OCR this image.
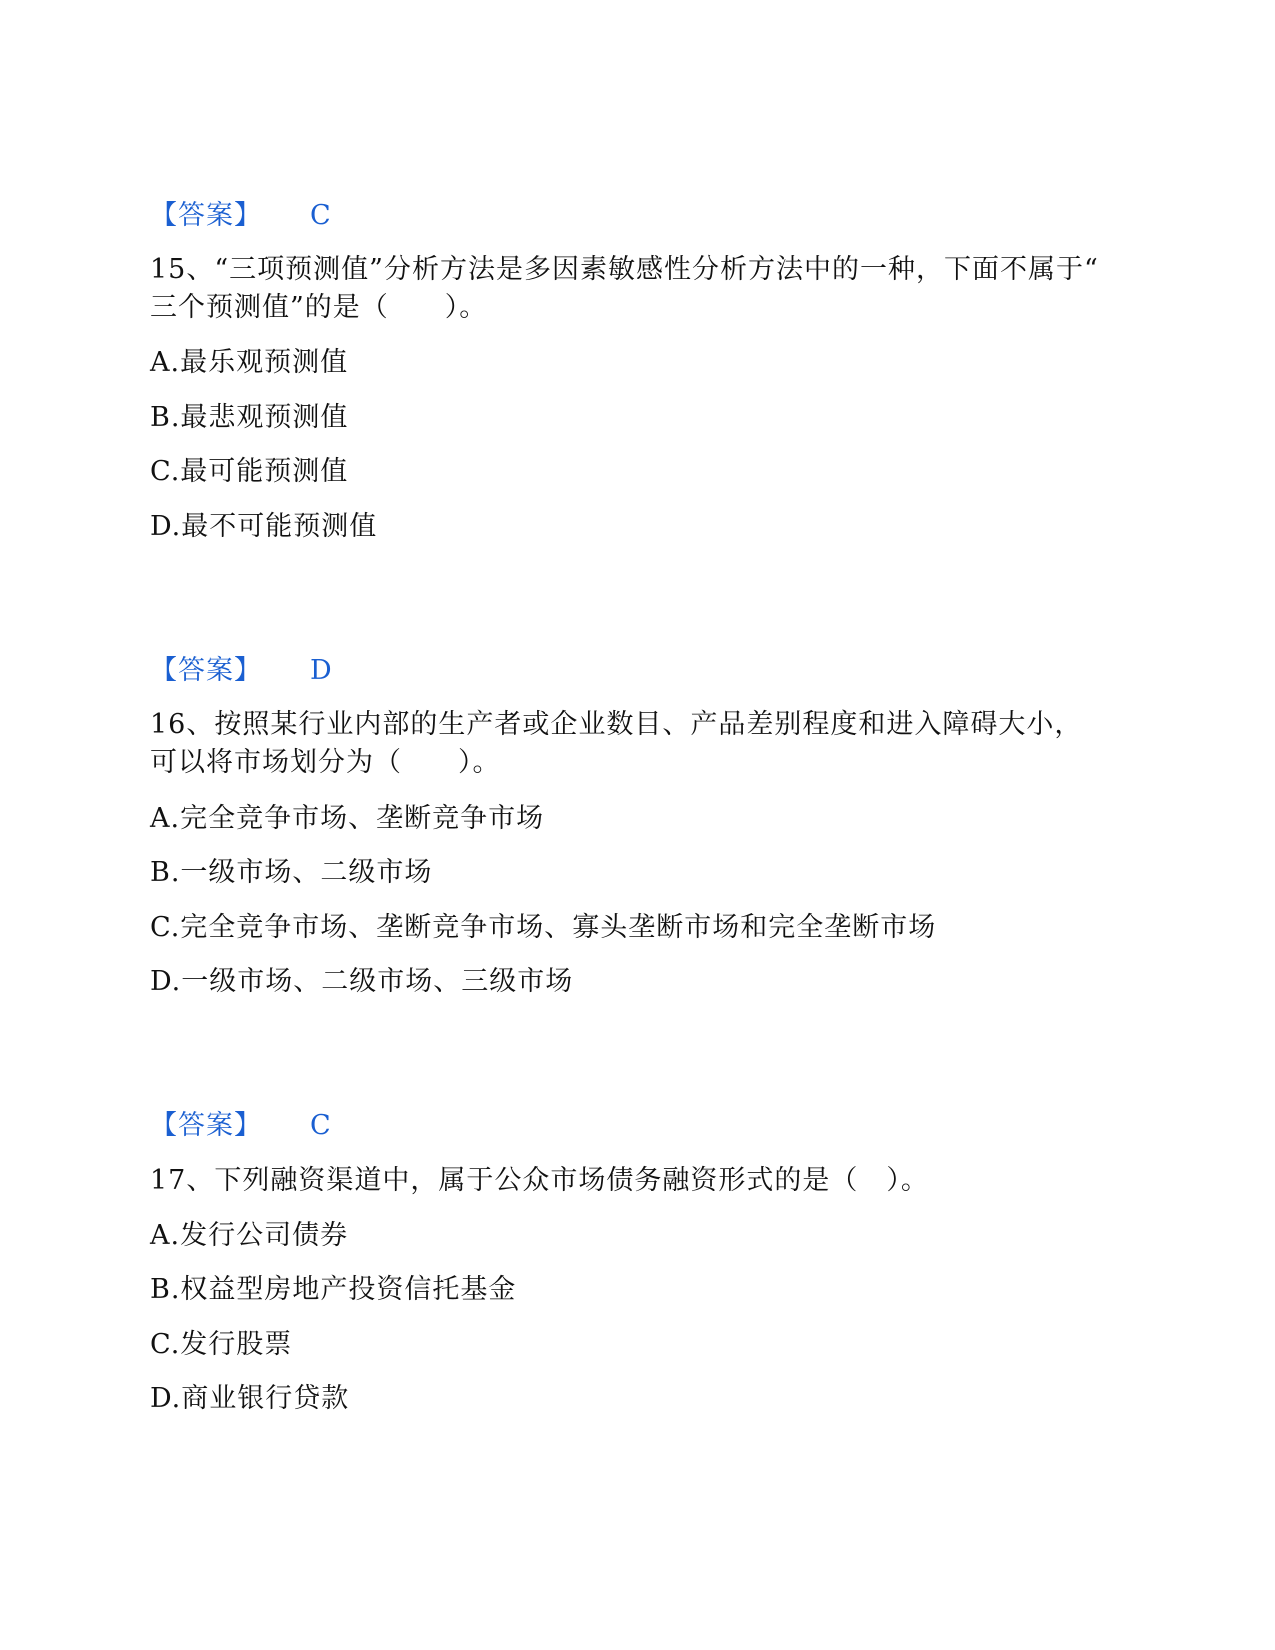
【答案】 C
15、“三项预测值”分析方法是多因素敏感性分析方法中的一种，下面不属于“
三个预测值”的是（　　）。
A.最乐观预测值
B.最悲观预测值
C.最可能预测值
D.最不可能预测值
【答案】 D
16、按照某行业内部的生产者或企业数目、产品差别程度和进入障碍大小，
可以将市场划分为（　　）。
A.完全竞争市场、垄断竞争市场
B.一级市场、二级市场
C.完全竞争市场、垄断竞争市场、寡头垄断市场和完全垄断市场
D.一级市场、二级市场、三级市场
【答案】 C
17、下列融资渠道中，属于公众市场债务融资形式的是（　）。
A.发行公司债券
B.权益型房地产投资信托基金
C.发行股票
D.商业银行贷款
